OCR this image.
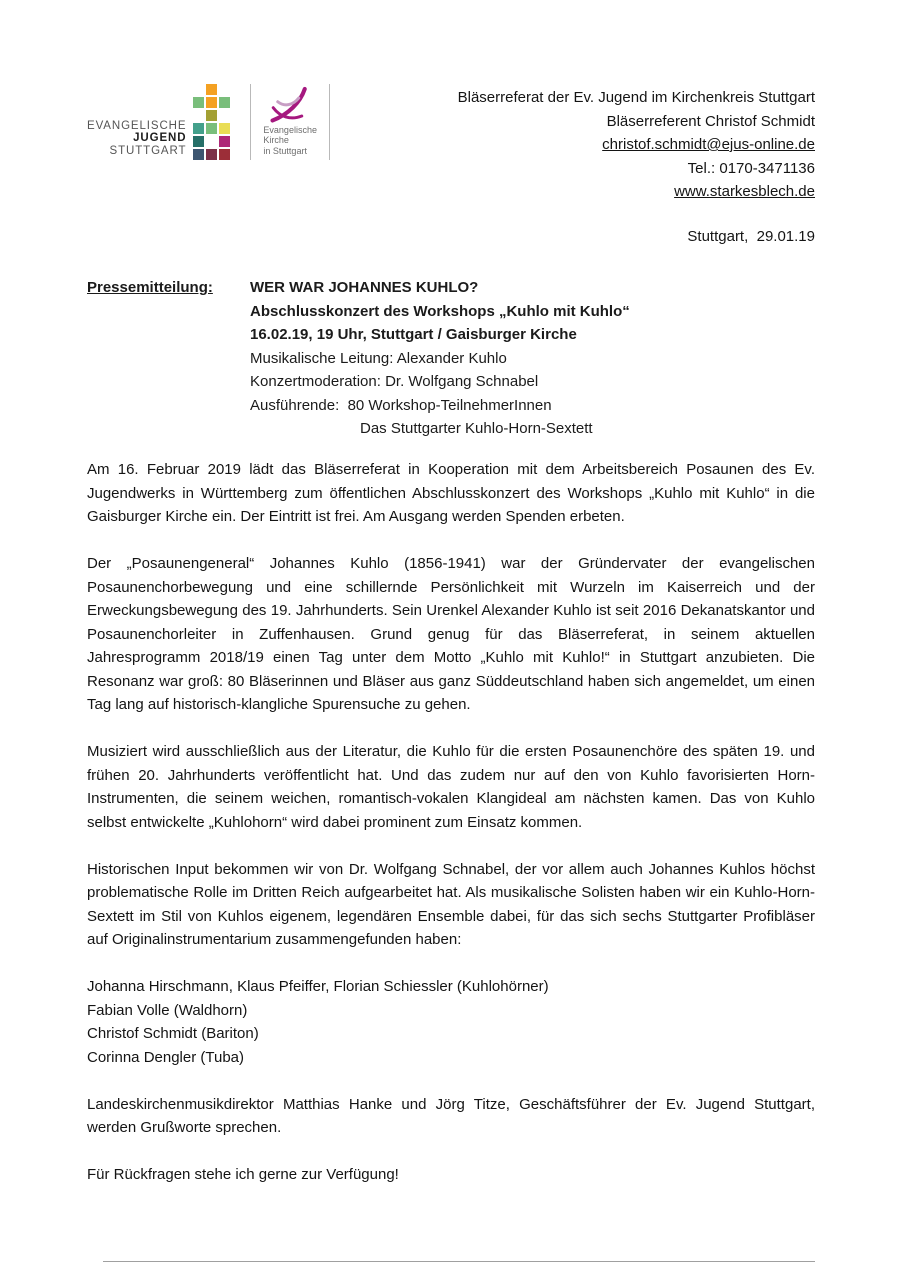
EVANGELISCHE
JUGEND
STUTTGART
Evangelische
Kirche
in Stuttgart
Bläserreferat der Ev. Jugend im Kirchenkreis Stuttgart
Bläserreferent Christof Schmidt
christof.schmidt@ejus-online.de
Tel.: 0170-3471136
www.starkesblech.de
Stuttgart,  29.01.19
Pressemitteilung:	WER WAR JOHANNES KUHLO?
Abschlusskonzert des Workshops „Kuhlo mit Kuhlo“
16.02.19, 19 Uhr, Stuttgart / Gaisburger Kirche
Musikalische Leitung: Alexander Kuhlo
Konzertmoderation: Dr. Wolfgang Schnabel
Ausführende:  80 Workshop-TeilnehmerInnen
Das Stuttgarter Kuhlo-Horn-Sextett

Am 16. Februar 2019 lädt das Bläserreferat in Kooperation mit dem Arbeitsbereich Posaunen des Ev. Jugendwerks in Württemberg zum öffentlichen Abschlusskonzert des Workshops „Kuhlo mit Kuhlo“ in die Gaisburger Kirche ein. Der Eintritt ist frei. Am Ausgang werden Spenden erbeten.

Der „Posaunengeneral“ Johannes Kuhlo (1856-1941) war der Gründervater der evangelischen Posaunenchorbewegung und eine schillernde Persönlichkeit mit Wurzeln im Kaiserreich und der Erweckungsbewegung des 19. Jahrhunderts. Sein Urenkel Alexander Kuhlo ist seit 2016 Dekanatskantor und Posaunenchorleiter in Zuffenhausen. Grund genug für das Bläserreferat, in seinem aktuellen Jahresprogramm 2018/19 einen Tag unter dem Motto „Kuhlo mit Kuhlo!“ in Stuttgart anzubieten. Die Resonanz war groß: 80 Bläserinnen und Bläser aus ganz Süddeutschland haben sich angemeldet, um einen Tag lang auf historisch-klangliche Spurensuche zu gehen.

Musiziert wird ausschließlich aus der Literatur, die Kuhlo für die ersten Posaunenchöre des späten 19. und frühen 20. Jahrhunderts veröffentlicht hat. Und das zudem nur auf den von Kuhlo favorisierten Horn-Instrumenten, die seinem weichen, romantisch-vokalen Klangideal am nächsten kamen. Das von Kuhlo selbst entwickelte „Kuhlohorn“ wird dabei prominent zum Einsatz kommen.

Historischen Input bekommen wir von Dr. Wolfgang Schnabel, der vor allem auch Johannes Kuhlos höchst problematische Rolle im Dritten Reich aufgearbeitet hat. Als musikalische Solisten haben wir ein Kuhlo-Horn-Sextett im Stil von Kuhlos eigenem, legendären Ensemble dabei, für das sich sechs Stuttgarter Profibläser auf Originalinstrumentarium zusammengefunden haben:

Johanna Hirschmann, Klaus Pfeiffer, Florian Schiessler (Kuhlohörner)
Fabian Volle (Waldhorn)
Christof Schmidt (Bariton)
Corinna Dengler (Tuba)

Landeskirchenmusikdirektor Matthias Hanke und Jörg Titze, Geschäftsführer der Ev. Jugend Stuttgart, werden Grußworte sprechen.

Für Rückfragen stehe ich gerne zur Verfügung!
